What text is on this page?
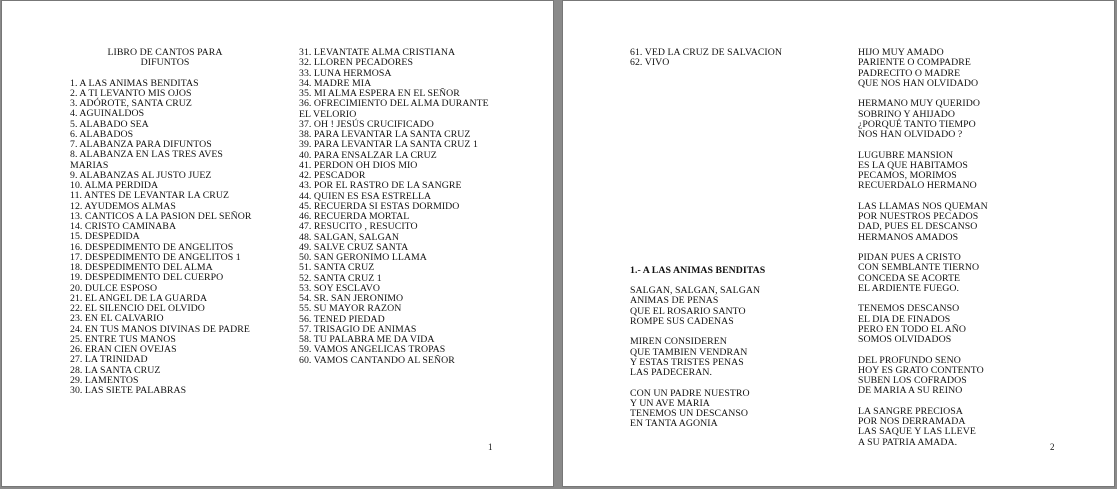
LIBRO DE CANTOS PARA
DIFUNTOS
1. A LAS ANIMAS BENDITAS
2. A TI LEVANTO MIS OJOS
3. ADÓROTE, SANTA CRUZ
4. AGUINALDOS
5. ALABADO SEA
6. ALABADOS
7. ALABANZA PARA DIFUNTOS
8. ALABANZA EN LAS TRES AVES MARIAS
9. ALABANZAS AL JUSTO JUEZ
10. ALMA PERDIDA
11. ANTES DE LEVANTAR LA CRUZ
12. AYUDEMOS ALMAS
13. CANTICOS A LA PASION DEL SEÑOR
14. CRISTO CAMINABA
15. DESPEDIDA
16. DESPEDIMENTO DE ANGELITOS
17. DESPEDIMENTO DE ANGELITOS 1
18. DESPEDIMENTO DEL ALMA
19. DESPEDIMENTO DEL CUERPO
20. DULCE ESPOSO
21. EL ANGEL DE LA GUARDA
22. EL SILENCIO DEL OLVIDO
23. EN EL CALVARIO
24. EN TUS MANOS DIVINAS DE PADRE
25. ENTRE TUS MANOS
26. ERAN CIEN OVEJAS
27. LA TRINIDAD
28. LA SANTA CRUZ
29. LAMENTOS
30. LAS SIETE PALABRAS
31. LEVANTATE ALMA CRISTIANA
32. LLOREN PECADORES
33. LUNA HERMOSA
34. MADRE MIA
35. MI ALMA ESPERA EN EL SEÑOR
36. OFRECIMIENTO DEL ALMA DURANTE EL VELORIO
37. OH ! JESÚS CRUCIFICADO
38. PARA LEVANTAR LA SANTA CRUZ
39. PARA LEVANTAR LA SANTA CRUZ 1
40. PARA ENSALZAR LA CRUZ
41. PERDON OH DIOS MIO
42. PESCADOR
43. POR EL RASTRO DE LA SANGRE
44. QUIEN ES ESA ESTRELLA
45. RECUERDA SI ESTAS DORMIDO
46. RECUERDA MORTAL
47. RESUCITO , RESUCITO
48. SALGAN, SALGAN
49. SALVE CRUZ SANTA
50. SAN GERONIMO LLAMA
51. SANTA CRUZ
52. SANTA CRUZ 1
53. SOY ESCLAVO
54. SR. SAN JERONIMO
55. SU MAYOR RAZON
56. TENED PIEDAD
57. TRISAGIO DE ANIMAS
58. TU PALABRA ME DA VIDA
59. VAMOS ANGELICAS TROPAS
60. VAMOS CANTANDO AL SEÑOR
1
61. VED LA CRUZ DE SALVACION
62. VIVO
1.- A LAS ANIMAS BENDITAS
SALGAN, SALGAN, SALGAN
ANIMAS DE PENAS
QUE EL ROSARIO SANTO
ROMPE SUS CADENAS
MIREN CONSIDEREN
QUE TAMBIEN VENDRAN
Y ESTAS TRISTES PENAS
LAS PADECERAN.
CON UN PADRE NUESTRO
Y UN AVE MARIA
TENEMOS UN DESCANSO
EN TANTA AGONIA
HIJO MUY AMADO
PARIENTE O COMPADRE
PADRECITO O MADRE
QUE NOS HAN OLVIDADO
HERMANO MUY QUERIDO
SOBRINO Y AHIJADO
¿PORQUÉ TANTO TIEMPO
NOS HAN OLVIDADO ?
LUGUBRE MANSION
ES LA QUE HABITAMOS
PECAMOS, MORIMOS
RECUERDALO HERMANO
LAS LLAMAS NOS QUEMAN
POR NUESTROS PECADOS
DAD, PUES EL DESCANSO
HERMANOS AMADOS
PIDAN PUES A CRISTO
CON SEMBLANTE TIERNO
CONCEDA SE ACORTE
EL ARDIENTE FUEGO.
TENEMOS DESCANSO
EL DIA DE FINADOS
PERO EN TODO EL AÑO
SOMOS OLVIDADOS
DEL PROFUNDO SENO
HOY ES GRATO CONTENTO
SUBEN LOS COFRADOS
DE MARIA A SU REINO
LA SANGRE PRECIOSA
POR NOS DERRAMADA
LAS SAQUE Y LAS LLEVE
A SU PATRIA AMADA.	2
